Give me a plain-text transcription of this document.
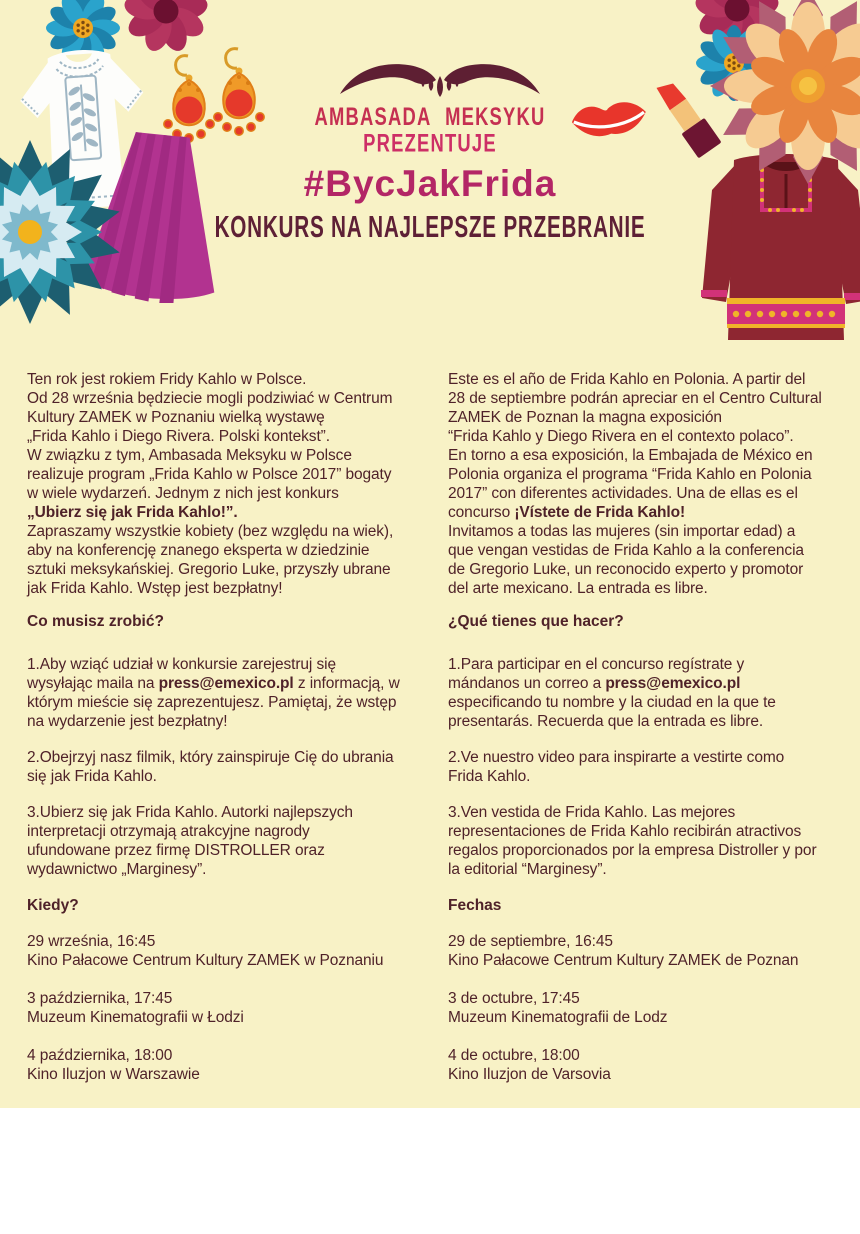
AMBASADA MEKSYKU
PREZENTUJE
#BycJakFrida
KONKURS NA NAJLEPSZE PRZEBRANIE
Ten rok jest rokiem Fridy Kahlo w Polsce.
Od 28 września będziecie mogli podziwiać w Centrum
Kultury ZAMEK w Poznaniu wielką wystawę
„Frida Kahlo i Diego Rivera. Polski kontekst”.
W związku z tym, Ambasada Meksyku w Polsce
realizuje program „Frida Kahlo w Polsce 2017” bogaty
w wiele wydarzeń. Jednym z nich jest konkurs
„Ubierz się jak Frida Kahlo!”.
Zapraszamy wszystkie kobiety (bez względu na wiek),
aby na konferencję znanego eksperta w dziedzinie
sztuki meksykańskiej. Gregorio Luke, przyszły ubrane
jak Frida Kahlo. Wstęp jest bezpłatny!
Co musisz zrobić?
1.Aby wziąć udział w konkursie zarejestruj się
wysyłając maila na press@emexico.pl z informacją, w
którym mieście się zaprezentujesz. Pamiętaj, że wstęp
na wydarzenie jest bezpłatny!
2.Obejrzyj nasz filmik, który zainspiruje Cię do ubrania
się jak Frida Kahlo.
3.Ubierz się jak Frida Kahlo. Autorki najlepszych
interpretacji otrzymają atrakcyjne nagrody
ufundowane przez firmę DISTROLLER oraz
wydawnictwo „Marginesy”.
Kiedy?
29 września, 16:45
Kino Pałacowe Centrum Kultury ZAMEK w Poznaniu
3 października, 17:45
Muzeum Kinematografii w Łodzi
4 października, 18:00
Kino Iluzjon w Warszawie
Este es el año de Frida Kahlo en Polonia. A partir del
28 de septiembre podrán apreciar en el Centro Cultural
ZAMEK de Poznan la magna exposición
“Frida Kahlo y Diego Rivera en el contexto polaco”.
En torno a esa exposición, la Embajada de México en
Polonia organiza el programa “Frida Kahlo en Polonia
2017” con diferentes actividades. Una de ellas es el
concurso ¡Vístete de Frida Kahlo!
Invitamos a todas las mujeres (sin importar edad) a
que vengan vestidas de Frida Kahlo a la conferencia
de Gregorio Luke, un reconocido experto y promotor
del arte mexicano. La entrada es libre.
¿Qué tienes que hacer?
1.Para participar en el concurso regístrate y
mándanos un correo a press@emexico.pl
especificando tu nombre y la ciudad en la que te
presentarás. Recuerda que la entrada es libre.
2.Ve nuestro video para inspirarte a vestirte como
Frida Kahlo.
3.Ven vestida de Frida Kahlo. Las mejores
representaciones de Frida Kahlo recibirán atractivos
regalos proporcionados por la empresa Distroller y por
la editorial “Marginesy”.
Fechas
29 de septiembre, 16:45
Kino Pałacowe Centrum Kultury ZAMEK de Poznan
3 de octubre, 17:45
Muzeum Kinematografii de Lodz
4 de octubre, 18:00
Kino Iluzjon de Varsovia
